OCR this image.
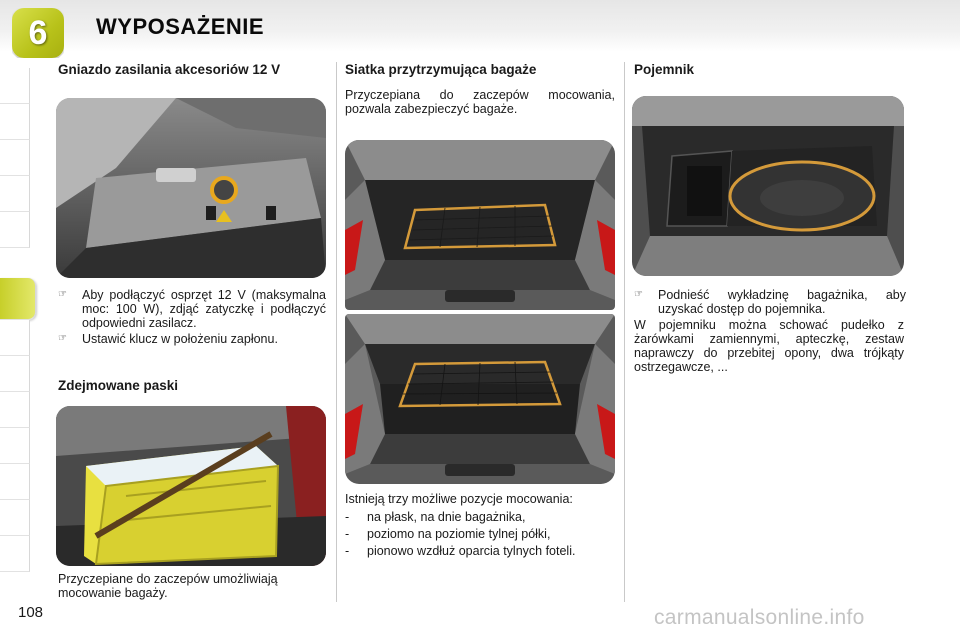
6	WYPOSAŻENIE
Gniazdo zasilania akcesoriów 12 V
☞	Aby podłączyć osprzęt 12 V (maksymalna moc: 100 W), zdjąć zatyczkę i podłączyć odpowiedni zasilacz.
☞	Ustawić klucz w położeniu zapłonu.
Zdejmowane paski
Przyczepiane do zaczepów umożliwiają mocowanie bagaży.
Siatka przytrzymująca bagaże
Przyczepiana do zaczepów mocowania, pozwala zabezpieczyć bagaże.
Istnieją trzy możliwe pozycje mocowania:
-	na płask, na dnie bagażnika,
-	poziomo na poziomie tylnej półki,
-	pionowo wzdłuż oparcia tylnych foteli.
Pojemnik
☞	Podnieść wykładzinę bagażnika, aby uzyskać dostęp do pojemnika.
W pojemniku można schować pudełko z żarówkami zamiennymi, apteczkę, zestaw naprawczy do przebitej opony, dwa trójkąty ostrzegawcze, ...
108	carmanualsonline.info
